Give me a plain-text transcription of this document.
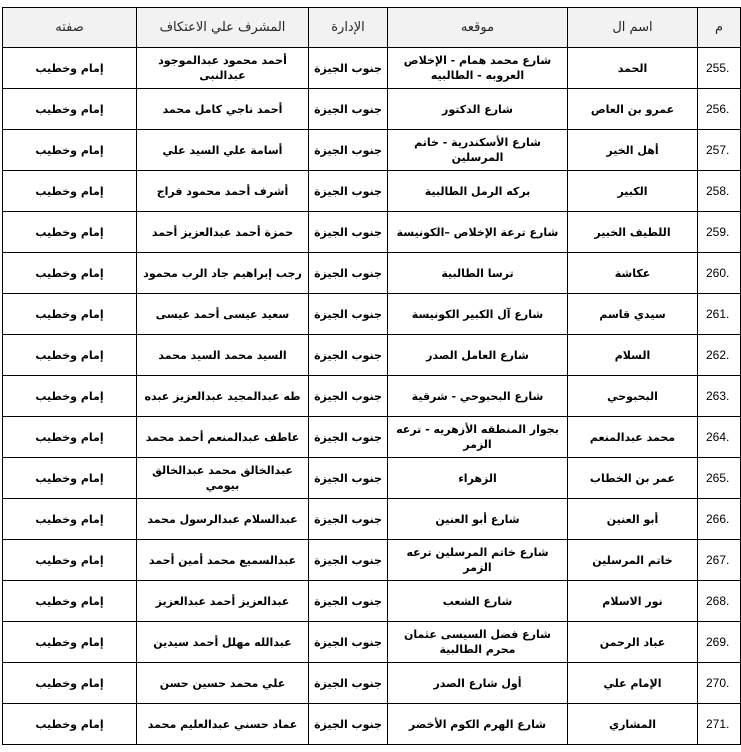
م	اسم ال	موقعه	الإدارة	المشرف علي الاعتكاف	صفته
255.	الحمد	شارع محمد همام - الإخلاص العروبه - الطالبيه	جنوب الجيزة	أحمد محمود عبدالموجود عبدالنبى	إمام وخطيب
256.	عمرو بن العاص	شارع الدكتور	جنوب الجيزة	أحمد ناجي كامل محمد	إمام وخطيب
257.	أهل الخير	شارع الأسكندرية - خاتم المرسلين	جنوب الجيزة	أسامة علي السيد علي	إمام وخطيب
258.	الكبير	بركه الرمل الطالبية	جنوب الجيزة	أشرف أحمد محمود فراج	إمام وخطيب
259.	اللطيف الخبير	شارع ترعة الإخلاص –الكونيسة	جنوب الجيزة	حمزة أحمد عبدالعزيز أحمد	إمام وخطيب
260.	عكاشة	ترسا الطالبية	جنوب الجيزة	رجب إبراهيم جاد الرب محمود	إمام وخطيب
261.	سيدي قاسم	شارع آل الكبير الكونيسة	جنوب الجيزة	سعيد عيسى أحمد عيسى	إمام وخطيب
262.	السلام	شارع العامل الصدر	جنوب الجيزة	السيد محمد السيد محمد	إمام وخطيب
263.	البحبوحي	شارع البحبوحي - شرقية	جنوب الجيزة	طه عبدالمجيد عبدالعزيز عبده	إمام وخطيب
264.	محمد عبدالمنعم	بجوار المنطقه الأزهريه - ترعه الزمر	جنوب الجيزة	عاطف عبدالمنعم أحمد محمد	إمام وخطيب
265.	عمر بن الخطاب	الزهراء	جنوب الجيزة	عبدالخالق محمد عبدالخالق بيومي	إمام وخطيب
266.	أبو العنين	شارع أبو العنين	جنوب الجيزة	عبدالسلام عبدالرسول محمد	إمام وخطيب
267.	خاتم المرسلين	شارع خاتم المرسلين ترعه الزمر	جنوب الجيزة	عبدالسميع محمد أمين أحمد	إمام وخطيب
268.	نور الاسلام	شارع الشعب	جنوب الجيزة	عبدالعزيز أحمد عبدالعزيز	إمام وخطيب
269.	عباد الرحمن	شارع فضل السيسى عثمان محرم الطالبية	جنوب الجيزة	عبدالله مهلل أحمد سيدين	إمام وخطيب
270.	الإمام علي	أول شارع الصدر	جنوب الجيزة	علي محمد حسين حسن	إمام وخطيب
271.	المشاري	شارع الهرم الكوم الأخضر	جنوب الجيزة	عماد حسني عبدالعليم محمد	إمام وخطيب
